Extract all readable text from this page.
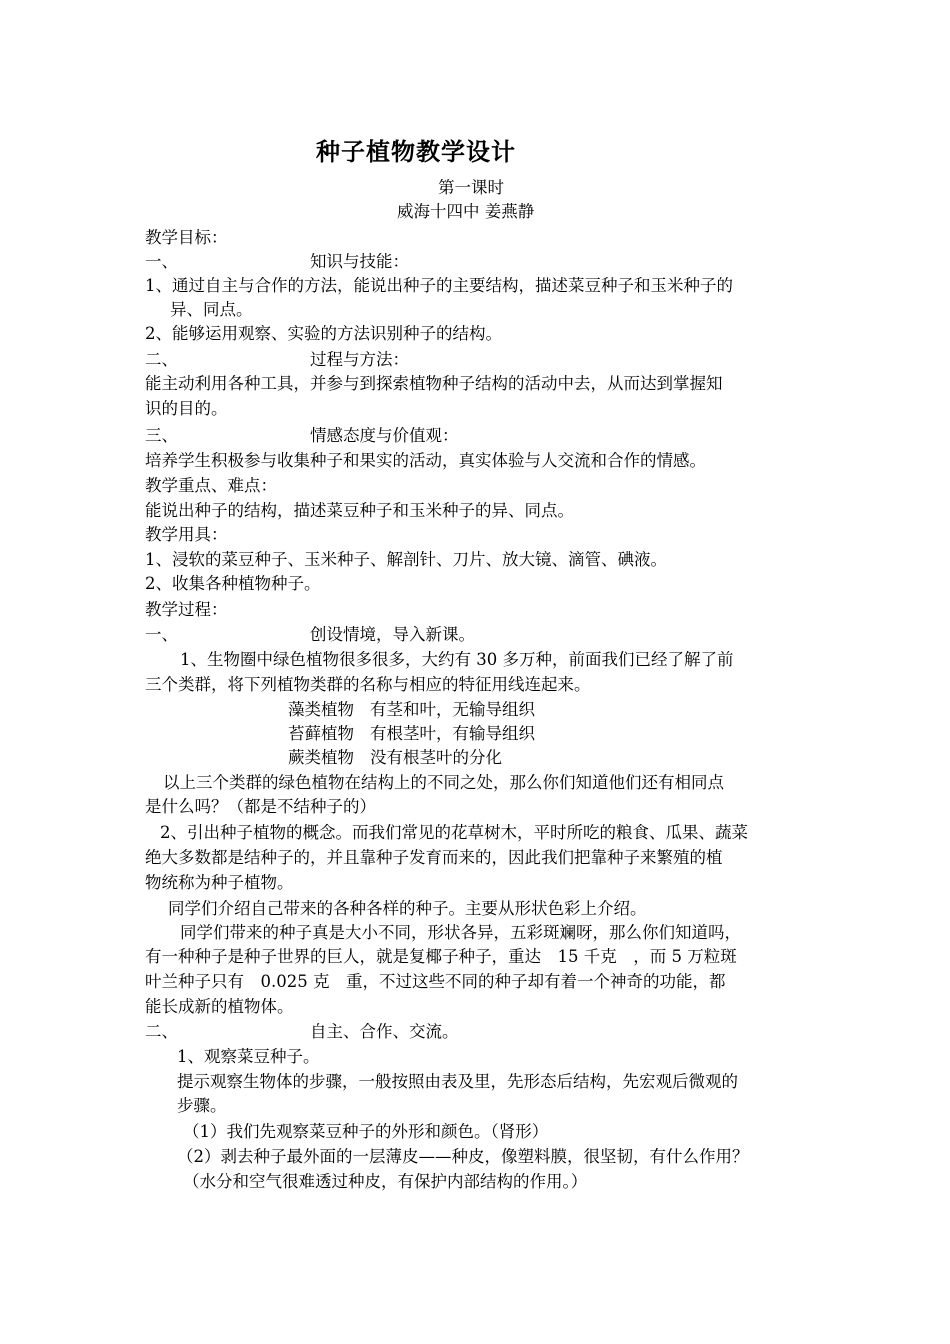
种子植物教学设计
第一课时
威海十四中 姜燕静
教学目标：
一、	知识与技能：
1、通过自主与合作的方法，能说出种子的主要结构，描述菜豆种子和玉米种子的
异、同点。
2、能够运用观察、实验的方法识别种子的结构。
二、	过程与方法：
能主动利用各种工具，并参与到探索植物种子结构的活动中去，从而达到掌握知
识的目的。
三、	情感态度与价值观：
培养学生积极参与收集种子和果实的活动，真实体验与人交流和合作的情感。
教学重点、难点：
能说出种子的结构，描述菜豆种子和玉米种子的异、同点。
教学用具：
1、浸软的菜豆种子、玉米种子、解剖针、刀片、放大镜、滴管、碘液。
2、收集各种植物种子。
教学过程：
一、	创设情境，导入新课。
1、生物圈中绿色植物很多很多，大约有 30 多万种，前面我们已经了解了前
三个类群，将下列植物类群的名称与相应的特征用线连起来。
藻类植物 有茎和叶，无输导组织
苔藓植物 有根茎叶，有输导组织
蕨类植物 没有根茎叶的分化
以上三个类群的绿色植物在结构上的不同之处，那么你们知道他们还有相同点
是什么吗？（都是不结种子的）
2、引出种子植物的概念。而我们常见的花草树木，平时所吃的粮食、瓜果、蔬菜
绝大多数都是结种子的，并且靠种子发育而来的，因此我们把靠种子来繁殖的植
物统称为种子植物。
同学们介绍自己带来的各种各样的种子。主要从形状色彩上介绍。
同学们带来的种子真是大小不同，形状各异，五彩斑斓呀，那么你们知道吗，
有一种种子是种子世界的巨人，就是复椰子种子，重达　15 千克　，而 5 万粒斑
叶兰种子只有　0.025 克　重，不过这些不同的种子却有着一个神奇的功能，都
能长成新的植物体。
二、	自主、合作、交流。
1、观察菜豆种子。
提示观察生物体的步骤，一般按照由表及里，先形态后结构，先宏观后微观的
步骤。
（1）我们先观察菜豆种子的外形和颜色。（肾形）
（2）剥去种子最外面的一层薄皮——种皮，像塑料膜，很坚韧，有什么作用？
（水分和空气很难透过种皮，有保护内部结构的作用。）
